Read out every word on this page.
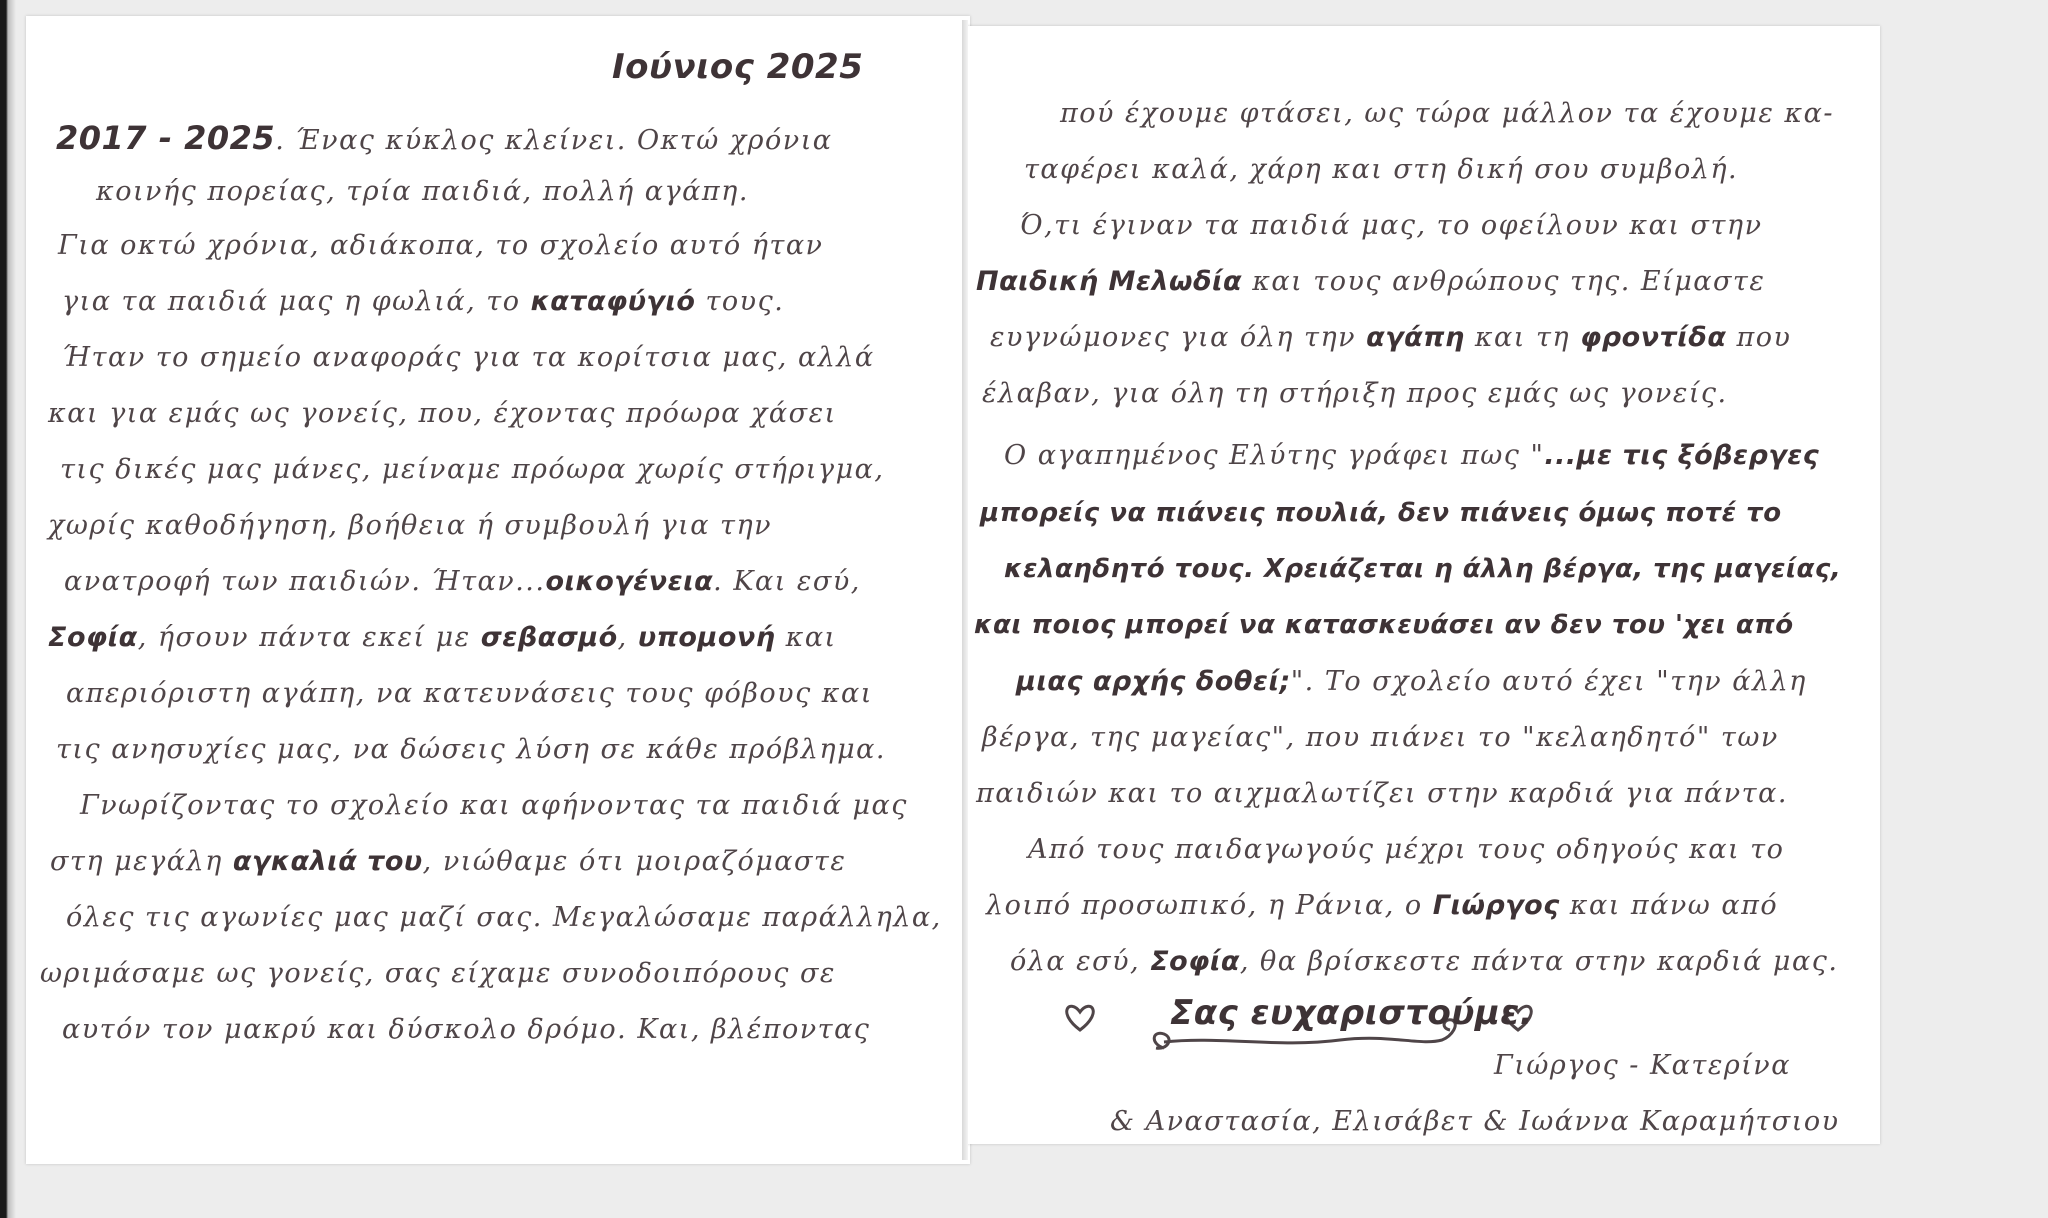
Ιούνιος 2025
2017 - 2025. Ένας κύκλος κλείνει. Οκτώ χρόνια
κοινής πορείας, τρία παιδιά, πολλή αγάπη.
Για οκτώ χρόνια, αδιάκοπα, το σχολείο αυτό ήταν
για τα παιδιά μας η φωλιά, το καταφύγιό τους.
Ήταν το σημείο αναφοράς για τα κορίτσια μας, αλλά
και για εμάς ως γονείς, που, έχοντας πρόωρα χάσει
τις δικές μας μάνες, μείναμε πρόωρα χωρίς στήριγμα,
χωρίς καθοδήγηση, βοήθεια ή συμβουλή για την
ανατροφή των παιδιών. Ήταν...οικογένεια. Και εσύ,
Σοφία, ήσουν πάντα εκεί με σεβασμό, υπομονή και
απεριόριστη αγάπη, να κατευνάσεις τους φόβους και
τις ανησυχίες μας, να δώσεις λύση σε κάθε πρόβλημα.
Γνωρίζοντας το σχολείο και αφήνοντας τα παιδιά μας
στη μεγάλη αγκαλιά του, νιώθαμε ότι μοιραζόμαστε
όλες τις αγωνίες μας μαζί σας. Μεγαλώσαμε παράλληλα,
ωριμάσαμε ως γονείς, σας είχαμε συνοδοιπόρους σε
αυτόν τον μακρύ και δύσκολο δρόμο. Και, βλέποντας
πού έχουμε φτάσει, ως τώρα μάλλον τα έχουμε κα-
ταφέρει καλά, χάρη και στη δική σου συμβολή.
Ό,τι έγιναν τα παιδιά μας, το οφείλουν και στην
Παιδική Μελωδία και τους ανθρώπους της. Είμαστε
ευγνώμονες για όλη την αγάπη και τη φροντίδα που
έλαβαν, για όλη τη στήριξη προς εμάς ως γονείς.
Ο αγαπημένος Ελύτης γράφει πως "...με τις ξόβεργες
μπορείς να πιάνεις πουλιά, δεν πιάνεις όμως ποτέ το
κελαηδητό τους. Χρειάζεται η άλλη βέργα, της μαγείας,
και ποιος μπορεί να κατασκευάσει αν δεν του 'χει από
μιας αρχής δοθεί;". Το σχολείο αυτό έχει "την άλλη
βέργα, της μαγείας", που πιάνει το "κελαηδητό" των
παιδιών και το αιχμαλωτίζει στην καρδιά για πάντα.
Από τους παιδαγωγούς μέχρι τους οδηγούς και το
λοιπό προσωπικό, η Ράνια, ο Γιώργος και πάνω από
όλα εσύ, Σοφία, θα βρίσκεστε πάντα στην καρδιά μας.
Σας ευχαριστούμε.
Γιώργος - Κατερίνα
& Αναστασία, Ελισάβετ & Ιωάννα Καραμήτσιου
